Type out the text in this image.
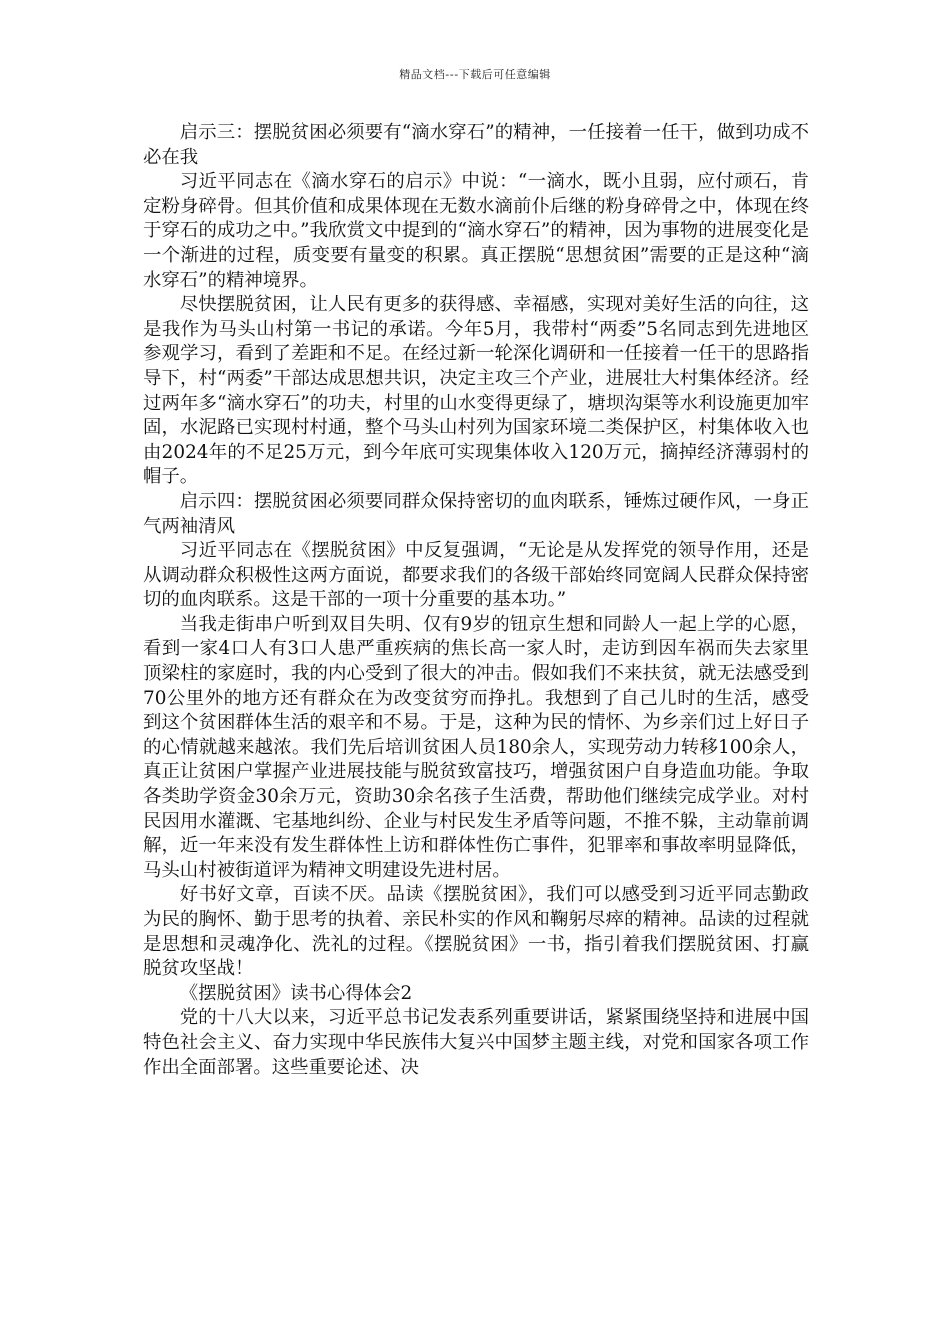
精品文档---下载后可任意编辑

启示三：摆脱贫困必须要有“滴水穿石”的精神，一任接着一任干，做到功成不必在我

习近平同志在《滴水穿石的启示》中说：“一滴水，既小且弱，应付顽石，肯定粉身碎骨。但其价值和成果体现在无数水滴前仆后继的粉身碎骨之中，体现在终于穿石的成功之中。”我欣赏文中提到的“滴水穿石”的精神，因为事物的进展变化是一个渐进的过程，质变要有量变的积累。真正摆脱“思想贫困”需要的正是这种“滴水穿石”的精神境界。

尽快摆脱贫困，让人民有更多的获得感、幸福感，实现对美好生活的向往，这是我作为马头山村第一书记的承诺。今年5月，我带村“两委”5名同志到先进地区参观学习，看到了差距和不足。在经过新一轮深化调研和一任接着一任干的思路指导下，村“两委”干部达成思想共识，决定主攻三个产业，进展壮大村集体经济。经过两年多“滴水穿石”的功夫，村里的山水变得更绿了，塘坝沟渠等水利设施更加牢固，水泥路已实现村村通，整个马头山村列为国家环境二类保护区，村集体收入也由2024年的不足25万元，到今年底可实现集体收入120万元，摘掉经济薄弱村的帽子。

启示四：摆脱贫困必须要同群众保持密切的血肉联系，锤炼过硬作风，一身正气两袖清风

习近平同志在《摆脱贫困》中反复强调，“无论是从发挥党的领导作用，还是从调动群众积极性这两方面说，都要求我们的各级干部始终同宽阔人民群众保持密切的血肉联系。这是干部的一项十分重要的基本功。”

当我走街串户听到双目失明、仅有9岁的钮京生想和同龄人一起上学的心愿，看到一家4口人有3口人患严重疾病的焦长高一家人时，走访到因车祸而失去家里顶梁柱的家庭时，我的内心受到了很大的冲击。假如我们不来扶贫，就无法感受到70公里外的地方还有群众在为改变贫穷而挣扎。我想到了自己儿时的生活，感受到这个贫困群体生活的艰辛和不易。于是，这种为民的情怀、为乡亲们过上好日子的心情就越来越浓。我们先后培训贫困人员180余人，实现劳动力转移100余人，真正让贫困户掌握产业进展技能与脱贫致富技巧，增强贫困户自身造血功能。争取各类助学资金30余万元，资助30余名孩子生活费，帮助他们继续完成学业。对村民因用水灌溉、宅基地纠纷、企业与村民发生矛盾等问题，不推不躲，主动靠前调解，近一年来没有发生群体性上访和群体性伤亡事件，犯罪率和事故率明显降低，马头山村被街道评为精神文明建设先进村居。

好书好文章，百读不厌。品读《摆脱贫困》，我们可以感受到习近平同志勤政为民的胸怀、勤于思考的执着、亲民朴实的作风和鞠躬尽瘁的精神。品读的过程就是思想和灵魂净化、洗礼的过程。《摆脱贫困》一书，指引着我们摆脱贫困、打赢脱贫攻坚战！

《摆脱贫困》读书心得体会2

党的十八大以来，习近平总书记发表系列重要讲话，紧紧围绕坚持和进展中国特色社会主义、奋力实现中华民族伟大复兴中国梦主题主线，对党和国家各项工作作出全面部署。这些重要论述、决
